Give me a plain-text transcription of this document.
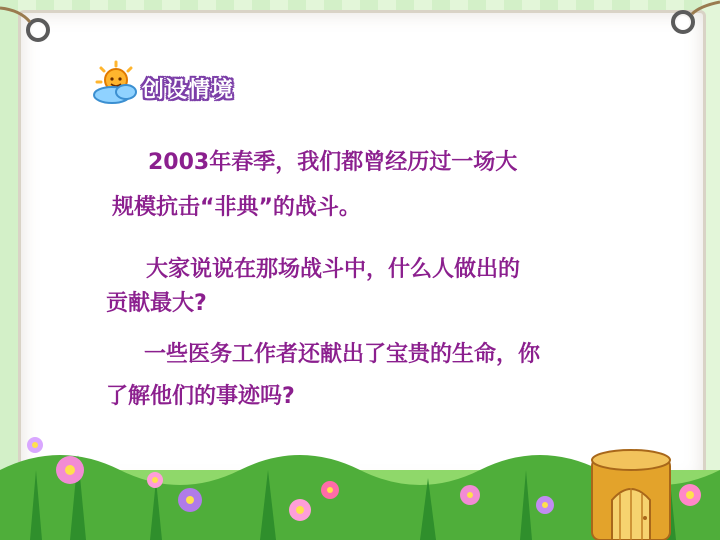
创设情境
2003年春季，我们都曾经历过一场大
规模抗击“非典”的战斗。
大家说说在那场战斗中，什么人做出的
贡献最大?
一些医务工作者还献出了宝贵的生命，你
了解他们的事迹吗?
